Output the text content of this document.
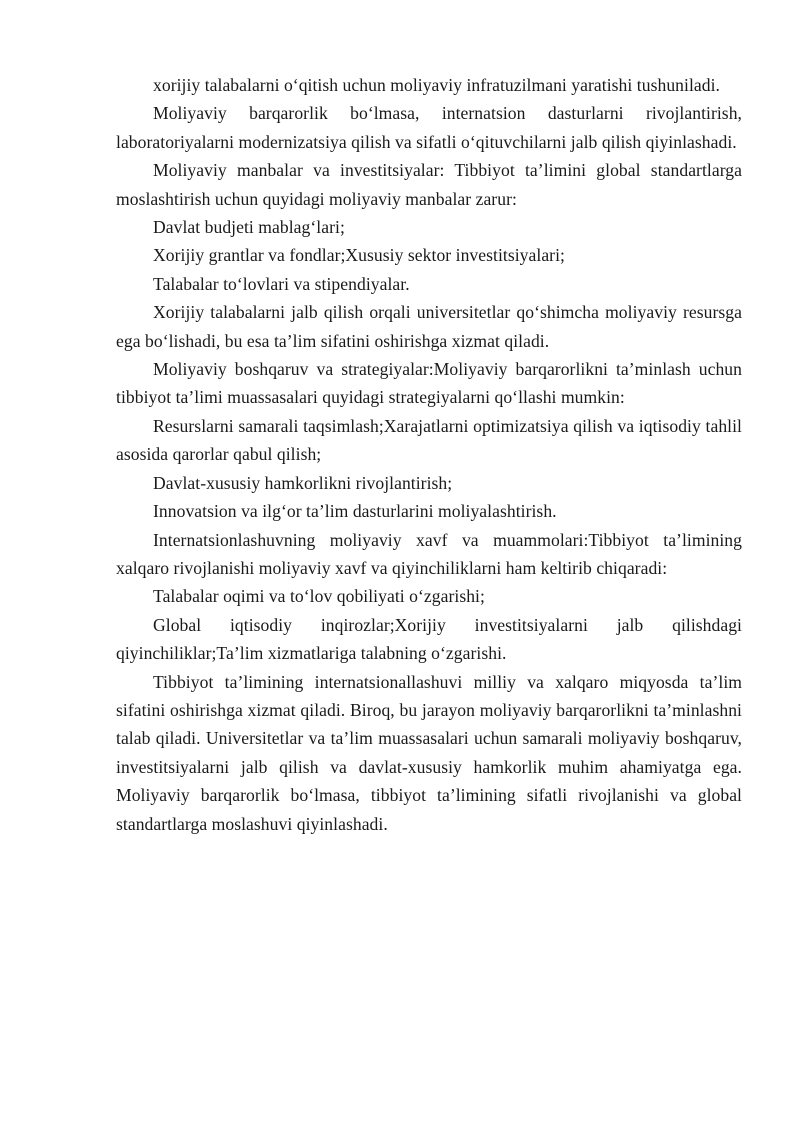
xorijiy talabalarni o‘qitish uchun moliyaviy infratuzilmani yaratishi tushuniladi.

Moliyaviy barqarorlik bo‘lmasa, internatsion dasturlarni rivojlantirish, laboratoriyalarni modernizatsiya qilish va sifatli o‘qituvchilarni jalb qilish qiyinlashadi.

Moliyaviy manbalar va investitsiyalar: Tibbiyot ta’limini global standartlarga moslashtirish uchun quyidagi moliyaviy manbalar zarur:

Davlat budjeti mablag‘lari;

Xorijiy grantlar va fondlar;Xususiy sektor investitsiyalari;

Talabalar to‘lovlari va stipendiyalar.

Xorijiy talabalarni jalb qilish orqali universitetlar qo‘shimcha moliyaviy resursga ega bo‘lishadi, bu esa ta’lim sifatini oshirishga xizmat qiladi.

Moliyaviy boshqaruv va strategiyalar:Moliyaviy barqarorlikni ta’minlash uchun tibbiyot ta’limi muassasalari quyidagi strategiyalarni qo‘llashi mumkin:

Resurslarni samarali taqsimlash;Xarajatlarni optimizatsiya qilish va iqtisodiy tahlil asosida qarorlar qabul qilish;

Davlat-xususiy hamkorlikni rivojlantirish;

Innovatsion va ilg‘or ta’lim dasturlarini moliyalashtirish.

Internatsionlashuvning moliyaviy xavf va muammolari:Tibbiyot ta’limining xalqaro rivojlanishi moliyaviy xavf va qiyinchiliklarni ham keltirib chiqaradi:

Talabalar oqimi va to‘lov qobiliyati o‘zgarishi;

Global iqtisodiy inqirozlar;Xorijiy investitsiyalarni jalb qilishdagi qiyinchiliklar;Ta’lim xizmatlariga talabning o‘zgarishi.

Tibbiyot ta’limining internatsionallashuvi milliy va xalqaro miqyosda ta’lim sifatini oshirishga xizmat qiladi. Biroq, bu jarayon moliyaviy barqarorlikni ta’minlashni talab qiladi. Universitetlar va ta’lim muassasalari uchun samarali moliyaviy boshqaruv, investitsiyalarni jalb qilish va davlat-xususiy hamkorlik muhim ahamiyatga ega. Moliyaviy barqarorlik bo‘lmasa, tibbiyot ta’limining sifatli rivojlanishi va global standartlarga moslashuvi qiyinlashadi.
